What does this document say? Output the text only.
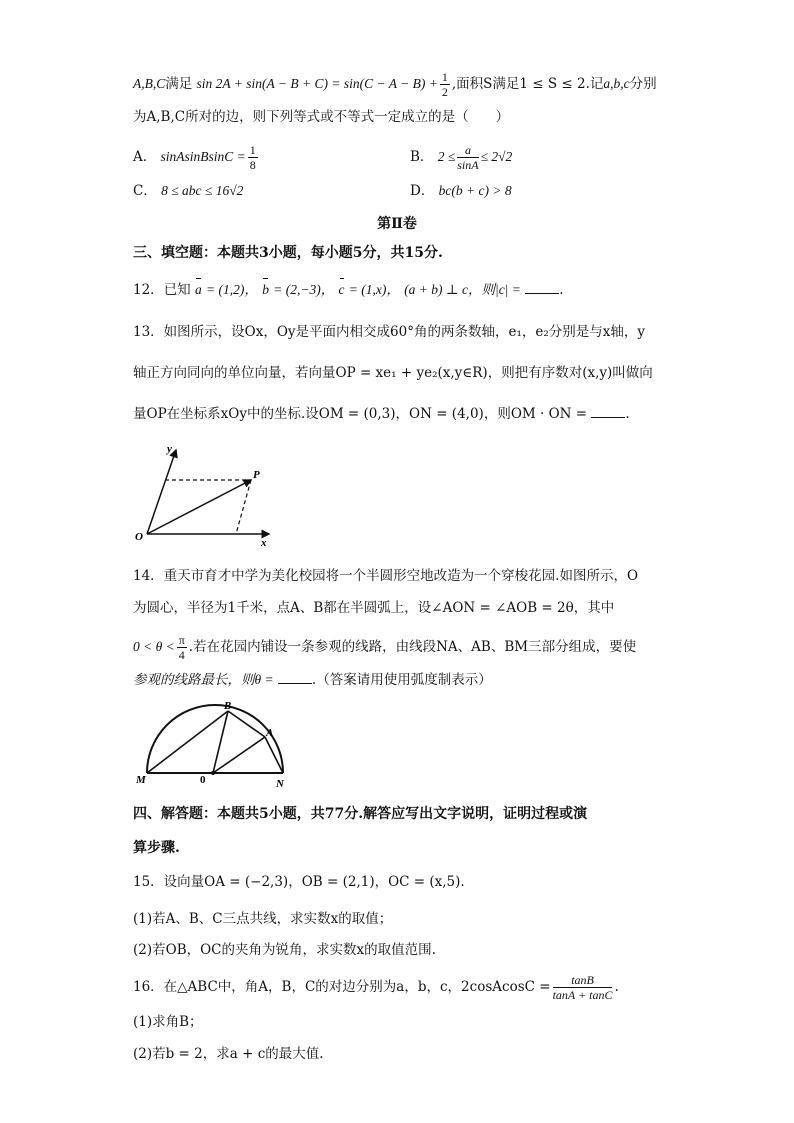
A,B,C满足 $\sin 2A + \sin(A - B + C) = \sin(C - A - B) + \frac{1}{2}$ ,面积S满足1 ≤ S ≤ 2.记a,b,c分别
为A,B,C所对的边，则下列等式或不等式一定成立的是（　　）
A． sinAsinBsinC = $\frac{1}{8}$	B． $2 \le \frac{a}{\sin A} \le 2√2$
C． 8 ≤ abc ≤ 16√2	D． bc(b + c) > 8
第Ⅱ卷
三、填空题：本题共3小题，每小题5分，共15分.
12．已知 a = (1,2)， b = (2,−3)， c = (1,x)， (a + b) ⊥ c，则|c| =	.
13．如图所示，设Ox，Oy是平面内相交成60°角的两条数轴，e₁，e₂分别是与x轴，y
轴正方向同向的单位向量，若向量OP = xe₁ + ye₂(x,y∈R)，则把有序数对(x,y)叫做向
量OP在坐标系xOy中的坐标.设OM = (0,3)，ON = (4,0)，则OM · ON =	.
y
P
O	x
14．重天市育才中学为美化校园将一个半圆形空地改造为一个穿梭花园.如图所示，O
为圆心，半径为1千米，点A、B都在半圆弧上，设∠AON = ∠AOB = 2θ，其中
$0 < \theta < \frac{\pi}{4}$ .若在花园内铺设一条参观的线路，由线段NA、AB、BM三部分组成，要使
参观的线路最长，则θ =	.（答案请用使用弧度制表示）
B
A
M	0	N
四、解答题：本题共5小题，共77分.解答应写出文字说明，证明过程或演
算步骤.
15．设向量OA = (−2,3)，OB = (2,1)，OC = (x,5).
(1)若A、B、C三点共线，求实数x的取值；
(2)若OB，OC的夹角为锐角，求实数x的取值范围.
16．在△ABC中，角A，B，C的对边分别为a，b，c，2cosAcosC = $\frac{\tan B}{\tan A + \tan C}$ .
(1)求角B；
(2)若b = 2，求a + c的最大值.
